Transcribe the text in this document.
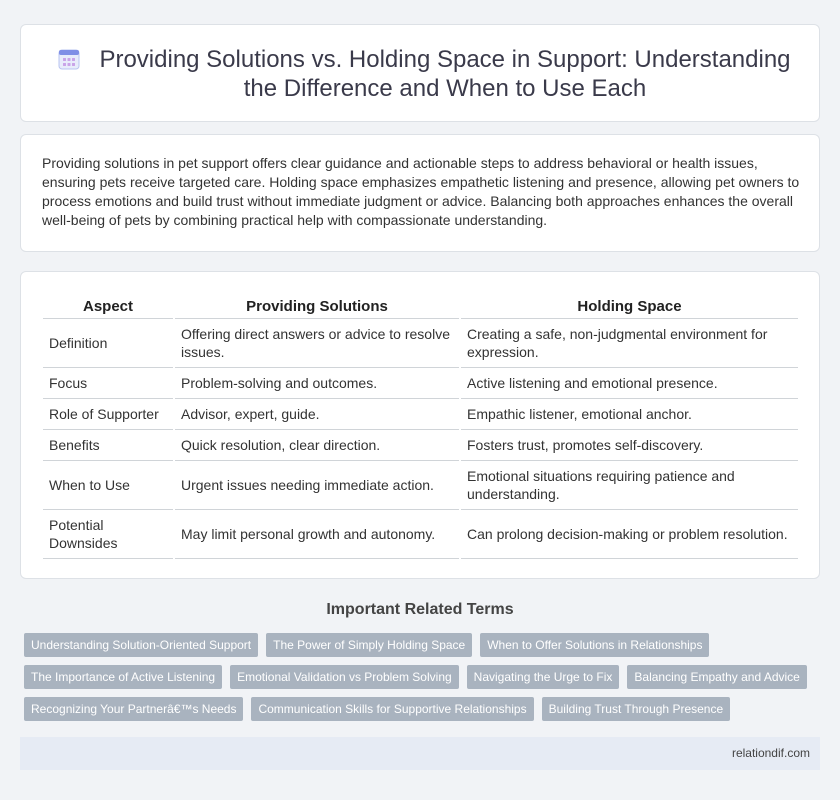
Providing Solutions vs. Holding Space in Support: Understanding the Difference and When to Use Each

Providing solutions in pet support offers clear guidance and actionable steps to address behavioral or health issues, ensuring pets receive targeted care. Holding space emphasizes empathetic listening and presence, allowing pet owners to process emotions and build trust without immediate judgment or advice. Balancing both approaches enhances the overall well-being of pets by combining practical help with compassionate understanding.

Aspect	Providing Solutions	Holding Space
Definition	Offering direct answers or advice to resolve issues.	Creating a safe, non-judgmental environment for expression.
Focus	Problem-solving and outcomes.	Active listening and emotional presence.
Role of Supporter	Advisor, expert, guide.	Empathic listener, emotional anchor.
Benefits	Quick resolution, clear direction.	Fosters trust, promotes self-discovery.
When to Use	Urgent issues needing immediate action.	Emotional situations requiring patience and understanding.
Potential Downsides	May limit personal growth and autonomy.	Can prolong decision-making or problem resolution.
Important Related Terms
Understanding Solution-Oriented Support	The Power of Simply Holding Space	When to Offer Solutions in Relationships
The Importance of Active Listening	Emotional Validation vs Problem Solving	Navigating the Urge to Fix	Balancing Empathy and Advice
Recognizing Your Partnerâ€™s Needs	Communication Skills for Supportive Relationships	Building Trust Through Presence
relationdif.com
